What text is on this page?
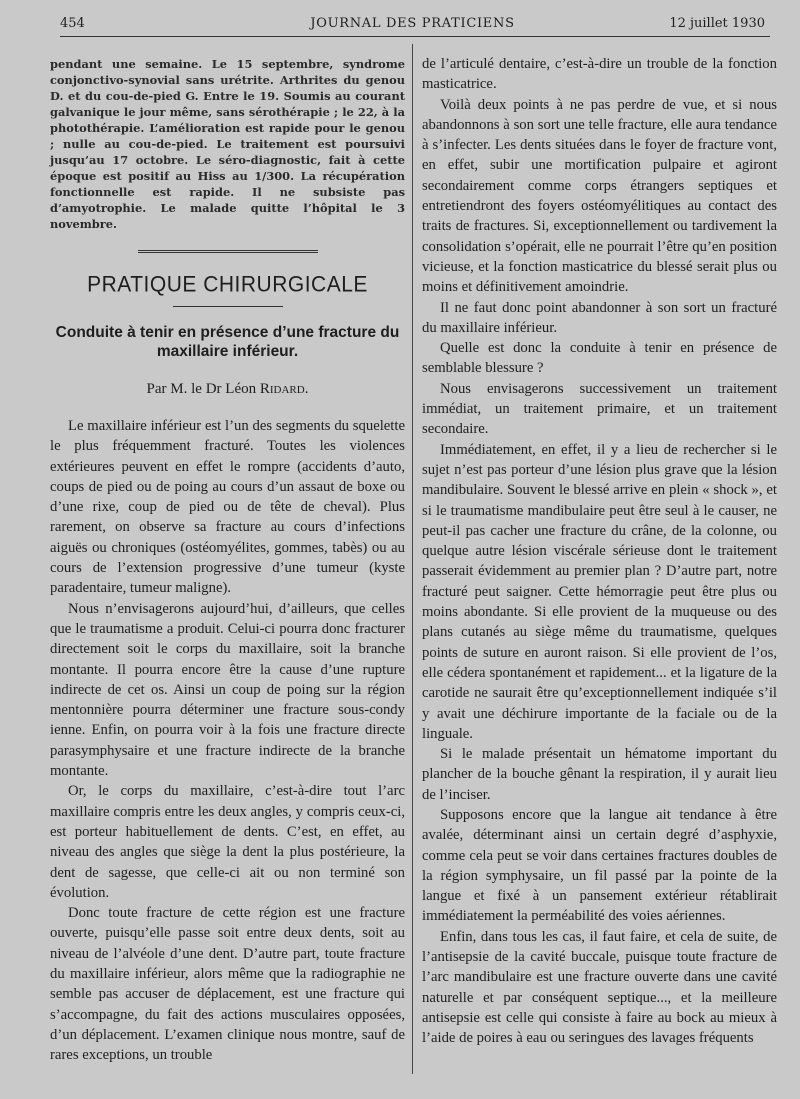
454	JOURNAL DES PRATICIENS	12 juillet 1930

pendant une semaine. Le 15 septembre, syndrome conjonctivo-synovial sans urétrite. Arthrites du genou D. et du cou-de-pied G. Entre le 19. Soumis au courant galvanique le jour même, sans sérothérapie ; le 22, à la photothérapie. L’amélioration est rapide pour le genou ; nulle au cou-de-pied. Le traitement est poursuivi jusqu’au 17 octobre. Le séro-diagnostic, fait à cette époque est positif au Hiss au 1/300. La récupération fonctionnelle est rapide. Il ne subsiste pas d’amyotrophie. Le malade quitte l’hôpital le 3 novembre.

PRATIQUE CHIRURGICALE
Conduite à tenir en présence d’une fracture du maxillaire inférieur.

Par M. le Dr Léon Ridard.

Le maxillaire inférieur est l’un des segments du squelette le plus fréquemment fracturé. Toutes les violences extérieures peuvent en effet le rompre (accidents d’auto, coups de pied ou de poing au cours d’un assaut de boxe ou d’une rixe, coup de pied ou de tête de cheval). Plus rarement, on observe sa fracture au cours d’infections aiguës ou chroniques (ostéomyélites, gommes, tabès) ou au cours de l’extension progressive d’une tumeur (kyste paradentaire, tumeur maligne).

Nous n’envisagerons aujourd’hui, d’ailleurs, que celles que le traumatisme a produit. Celui-ci pourra donc fracturer directement soit le corps du maxillaire, soit la branche montante. Il pourra encore être la cause d’une rupture indirecte de cet os. Ainsi un coup de poing sur la région mentonnière pourra déterminer une fracture sous-condy ienne. Enfin, on pourra voir à la fois une fracture directe parasymphysaire et une fracture indirecte de la branche montante.

Or, le corps du maxillaire, c’est-à-dire tout l’arc maxillaire compris entre les deux angles, y compris ceux-ci, est porteur habituellement de dents. C’est, en effet, au niveau des angles que siège la dent la plus postérieure, la dent de sagesse, que celle-ci ait ou non terminé son évolution.

Donc toute fracture de cette région est une fracture ouverte, puisqu’elle passe soit entre deux dents, soit au niveau de l’alvéole d’une dent. D’autre part, toute fracture du maxillaire inférieur, alors même que la radiographie ne semble pas accuser de déplacement, est une fracture qui s’accompagne, du fait des actions musculaires opposées, d’un déplacement. L’examen clinique nous montre, sauf de rares exceptions, un trouble

de l’articulé dentaire, c’est-à-dire un trouble de la fonction masticatrice.

Voilà deux points à ne pas perdre de vue, et si nous abandonnons à son sort une telle fracture, elle aura tendance à s’infecter. Les dents situées dans le foyer de fracture vont, en effet, subir une mortification pulpaire et agiront secondairement comme corps étrangers septiques et entretiendront des foyers ostéomyélitiques au contact des traits de fractures. Si, exceptionnellement ou tardivement la consolidation s’opérait, elle ne pourrait l’être qu’en position vicieuse, et la fonction masticatrice du blessé serait plus ou moins et définitivement amoindrie.

Il ne faut donc point abandonner à son sort un fracturé du maxillaire inférieur.

Quelle est donc la conduite à tenir en présence de semblable blessure ?

Nous envisagerons successivement un traitement immédiat, un traitement primaire, et un traitement secondaire.

Immédiatement, en effet, il y a lieu de rechercher si le sujet n’est pas porteur d’une lésion plus grave que la lésion mandibulaire. Souvent le blessé arrive en plein « shock », et si le traumatisme mandibulaire peut être seul à le causer, ne peut-il pas cacher une fracture du crâne, de la colonne, ou quelque autre lésion viscérale sérieuse dont le traitement passerait évidemment au premier plan ? D’autre part, notre fracturé peut saigner. Cette hémorragie peut être plus ou moins abondante. Si elle provient de la muqueuse ou des plans cutanés au siège même du traumatisme, quelques points de suture en auront raison. Si elle provient de l’os, elle cédera spontanément et rapidement... et la ligature de la carotide ne saurait être qu’exceptionnellement indiquée s’il y avait une déchirure importante de la faciale ou de la linguale.

Si le malade présentait un hématome important du plancher de la bouche gênant la respiration, il y aurait lieu de l’inciser.

Supposons encore que la langue ait tendance à être avalée, déterminant ainsi un certain degré d’asphyxie, comme cela peut se voir dans certaines fractures doubles de la région symphysaire, un fil passé par la pointe de la langue et fixé à un pansement extérieur rétablirait immédiatement la perméabilité des voies aériennes.

Enfin, dans tous les cas, il faut faire, et cela de suite, de l’antisepsie de la cavité buccale, puisque toute fracture de l’arc mandibulaire est une fracture ouverte dans une cavité naturelle et par conséquent septique..., et la meilleure antisepsie est celle qui consiste à faire au bock au mieux à l’aide de poires à eau ou seringues des lavages fréquents
